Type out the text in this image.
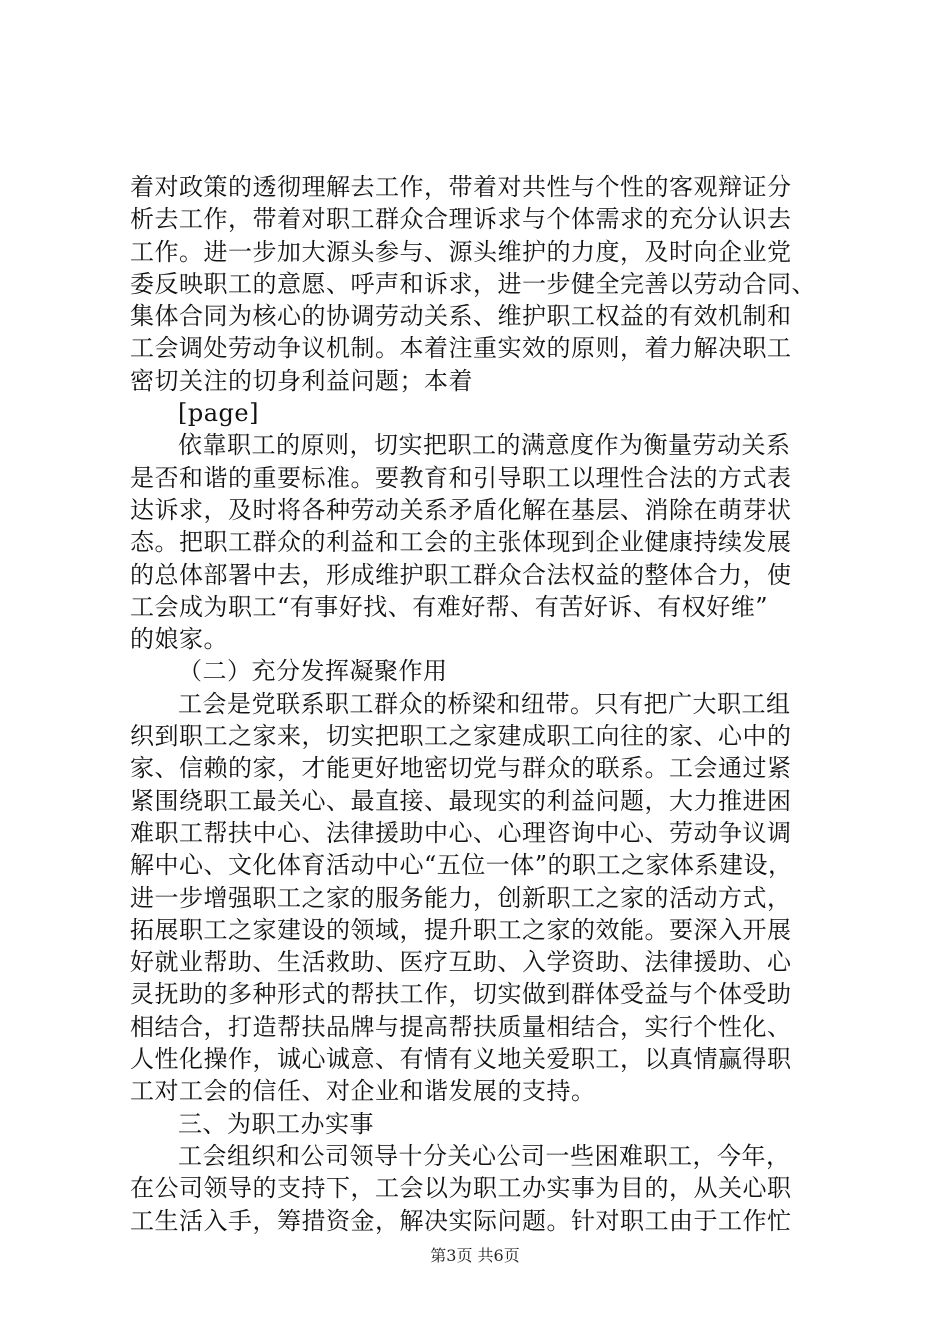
着对政策的透彻理解去工作，带着对共性与个性的客观辩证分
析去工作，带着对职工群众合理诉求与个体需求的充分认识去
工作。进一步加大源头参与、源头维护的力度，及时向企业党
委反映职工的意愿、呼声和诉求，进一步健全完善以劳动合同、
集体合同为核心的协调劳动关系、维护职工权益的有效机制和
工会调处劳动争议机制。本着注重实效的原则，着力解决职工
密切关注的切身利益问题；本着
[page]
依靠职工的原则，切实把职工的满意度作为衡量劳动关系
是否和谐的重要标准。要教育和引导职工以理性合法的方式表
达诉求，及时将各种劳动关系矛盾化解在基层、消除在萌芽状
态。把职工群众的利益和工会的主张体现到企业健康持续发展
的总体部署中去，形成维护职工群众合法权益的整体合力，使
工会成为职工“有事好找、有难好帮、有苦好诉、有权好维”
的娘家。
（二）充分发挥凝聚作用
工会是党联系职工群众的桥梁和纽带。只有把广大职工组
织到职工之家来，切实把职工之家建成职工向往的家、心中的
家、信赖的家，才能更好地密切党与群众的联系。工会通过紧
紧围绕职工最关心、最直接、最现实的利益问题，大力推进困
难职工帮扶中心、法律援助中心、心理咨询中心、劳动争议调
解中心、文化体育活动中心“五位一体”的职工之家体系建设，
进一步增强职工之家的服务能力，创新职工之家的活动方式，
拓展职工之家建设的领域，提升职工之家的效能。要深入开展
好就业帮助、生活救助、医疗互助、入学资助、法律援助、心
灵抚助的多种形式的帮扶工作，切实做到群体受益与个体受助
相结合，打造帮扶品牌与提高帮扶质量相结合，实行个性化、
人性化操作，诚心诚意、有情有义地关爱职工，以真情赢得职
工对工会的信任、对企业和谐发展的支持。
三、为职工办实事
工会组织和公司领导十分关心公司一些困难职工，今年，
在公司领导的支持下，工会以为职工办实事为目的，从关心职
工生活入手，筹措资金，解决实际问题。针对职工由于工作忙
第3页 共6页
